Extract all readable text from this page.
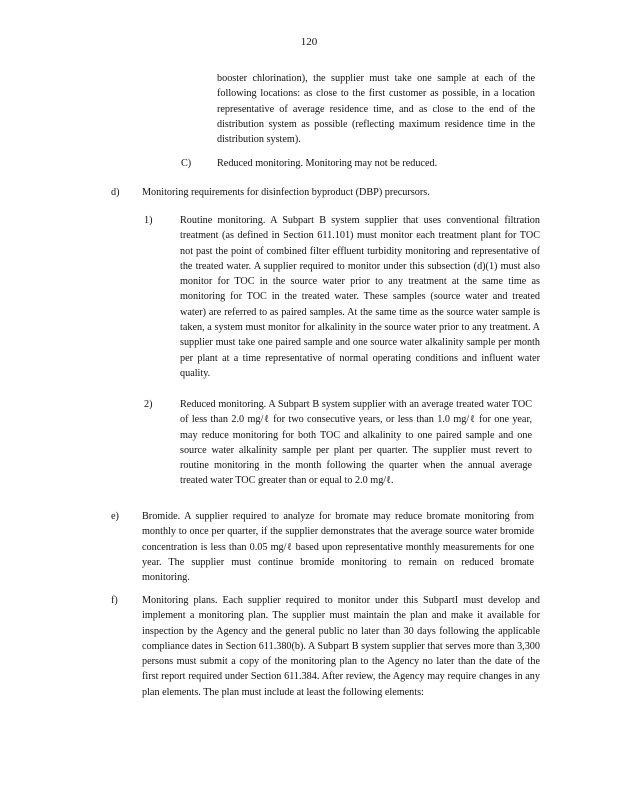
120
booster chlorination), the supplier must take one sample at each of the following locations: as close to the first customer as possible, in a location representative of average residence time, and as close to the end of the distribution system as possible (reflecting maximum residence time in the distribution system).
C)	Reduced monitoring. Monitoring may not be reduced.
d) Monitoring requirements for disinfection byproduct (DBP) precursors.
1)	Routine monitoring. A Subpart B system supplier that uses conventional filtration treatment (as defined in Section 611.101) must monitor each treatment plant for TOC not past the point of combined filter effluent turbidity monitoring and representative of the treated water. A supplier required to monitor under this subsection (d)(1) must also monitor for TOC in the source water prior to any treatment at the same time as monitoring for TOC in the treated water. These samples (source water and treated water) are referred to as paired samples. At the same time as the source water sample is taken, a system must monitor for alkalinity in the source water prior to any treatment. A supplier must take one paired sample and one source water alkalinity sample per month per plant at a time representative of normal operating conditions and influent water quality.
2)	Reduced monitoring. A Subpart B system supplier with an average treated water TOC of less than 2.0 mg/ℓ for two consecutive years, or less than 1.0 mg/ℓ for one year, may reduce monitoring for both TOC and alkalinity to one paired sample and one source water alkalinity sample per plant per quarter. The supplier must revert to routine monitoring in the month following the quarter when the annual average treated water TOC greater than or equal to 2.0 mg/ℓ.
e) Bromide. A supplier required to analyze for bromate may reduce bromate monitoring from monthly to once per quarter, if the supplier demonstrates that the average source water bromide concentration is less than 0.05 mg/ℓ based upon representative monthly measurements for one year. The supplier must continue bromide monitoring to remain on reduced bromate monitoring.
f) Monitoring plans. Each supplier required to monitor under this SubpartI must develop and implement a monitoring plan. The supplier must maintain the plan and make it available for inspection by the Agency and the general public no later than 30 days following the applicable compliance dates in Section 611.380(b). A Subpart B system supplier that serves more than 3,300 persons must submit a copy of the monitoring plan to the Agency no later than the date of the first report required under Section 611.384. After review, the Agency may require changes in any plan elements. The plan must include at least the following elements:
